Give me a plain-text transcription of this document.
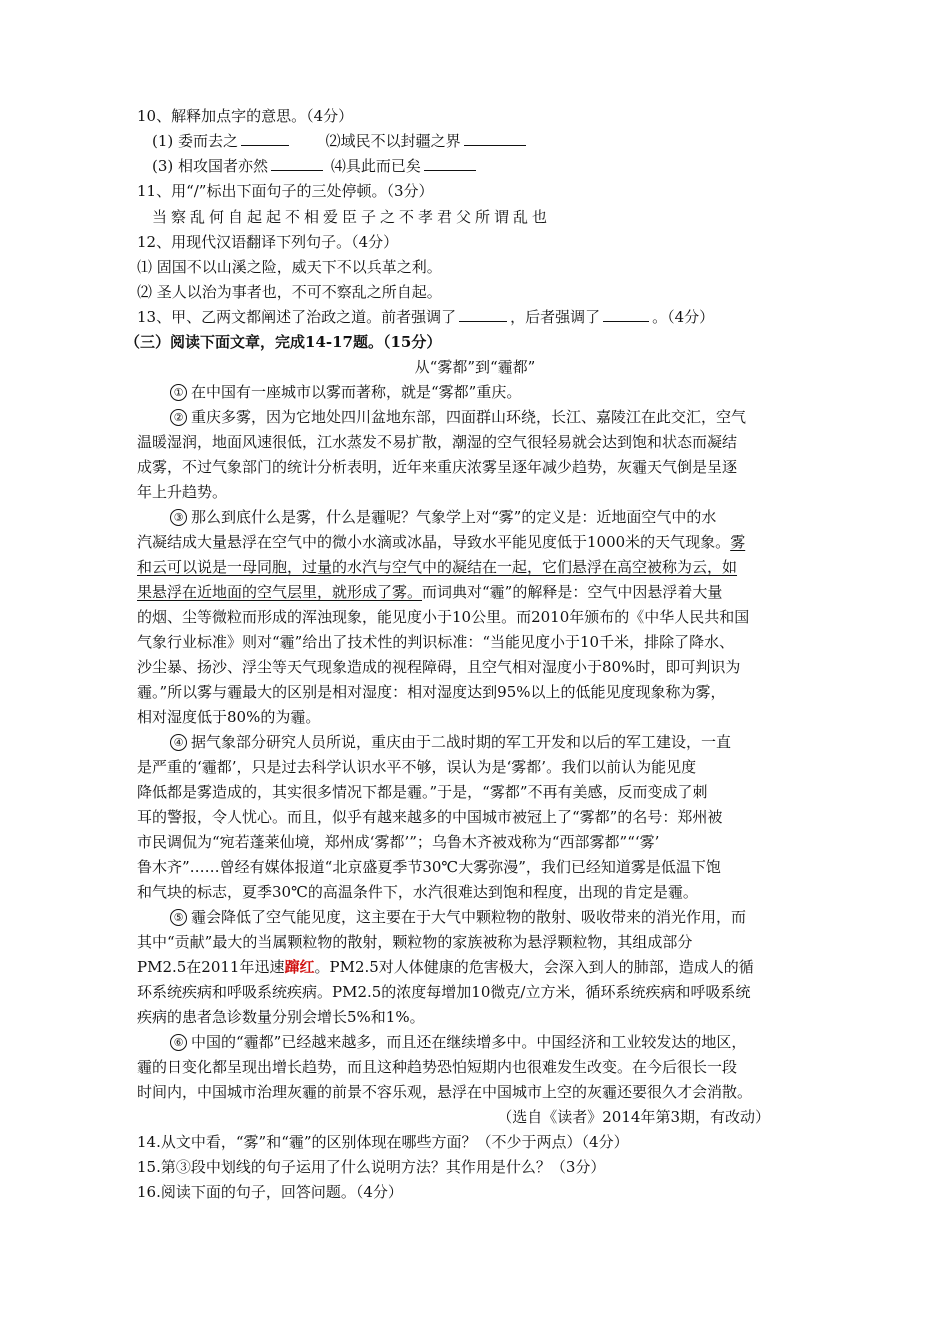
10、解释加点字的意思。（4分）
(1) 委而去之	⑵域民不以封疆之界
(3) 相攻国者亦然	⑷具此而已矣
11、用“/”标出下面句子的三处停顿。（3分）
当察乱何自起起不相爱臣子之不孝君父所谓乱也
12、用现代汉语翻译下列句子。（4分）
⑴ 固国不以山溪之险，威天下不以兵革之利。
⑵ 圣人以治为事者也，不可不察乱之所自起。
13、甲、乙两文都阐述了治政之道。前者强调了	，后者强调了	。（4分）
（三）阅读下面文章，完成14-17题。（15分）
从“雾都”到“霾都”
① 在中国有一座城市以雾而著称，就是“雾都”重庆。
② 重庆多雾，因为它地处四川盆地东部，四面群山环绕，长江、嘉陵江在此交汇，空气
温暖湿润，地面风速很低，江水蒸发不易扩散，潮湿的空气很轻易就会达到饱和状态而凝结
成雾，不过气象部门的统计分析表明，近年来重庆浓雾呈逐年减少趋势，灰霾天气倒是呈逐
年上升趋势。
③ 那么到底什么是雾，什么是霾呢？气象学上对“雾”的定义是：近地面空气中的水
汽凝结成大量悬浮在空气中的微小水滴或冰晶，导致水平能见度低于1000米的天气现象。雾
和云可以说是一母同胞，过量的水汽与空气中的凝结在一起，它们悬浮在高空被称为云，如
果悬浮在近地面的空气层里，就形成了雾。而词典对“霾”的解释是：空气中因悬浮着大量
的烟、尘等微粒而形成的浑浊现象，能见度小于10公里。而2010年颁布的《中华人民共和国
气象行业标准》则对“霾”给出了技术性的判识标准：“当能见度小于10千米，排除了降水、
沙尘暴、扬沙、浮尘等天气现象造成的视程障碍，且空气相对湿度小于80%时，即可判识为
霾。”所以雾与霾最大的区别是相对湿度：相对湿度达到95%以上的低能见度现象称为雾，
相对湿度低于80%的为霾。
④ 据气象部分研究人员所说，重庆由于二战时期的军工开发和以后的军工建设，一直
是严重的‘霾都’，只是过去科学认识水平不够，误认为是‘雾都’。我们以前认为能见度
降低都是雾造成的，其实很多情况下都是霾。”于是，“雾都”不再有美感，反而变成了刺
耳的警报，令人忧心。而且，似乎有越来越多的中国城市被冠上了“雾都”的名号：郑州被
市民调侃为“宛若蓬莱仙境，郑州成‘雾都’”；乌鲁木齐被戏称为“西部雾都”“‘雾’
鲁木齐”……曾经有媒体报道“北京盛夏季节30℃大雾弥漫”，我们已经知道雾是低温下饱
和气块的标志，夏季30℃的高温条件下，水汽很难达到饱和程度，出现的肯定是霾。
⑤ 霾会降低了空气能见度，这主要在于大气中颗粒物的散射、吸收带来的消光作用，而
其中“贡献”最大的当属颗粒物的散射，颗粒物的家族被称为悬浮颗粒物，其组成部分
PM2.5在2011年迅速蹿红。PM2.5对人体健康的危害极大，会深入到人的肺部，造成人的循
环系统疾病和呼吸系统疾病。PM2.5的浓度每增加10微克/立方米，循环系统疾病和呼吸系统
疾病的患者急诊数量分别会增长5%和1%。
⑥ 中国的“霾都”已经越来越多，而且还在继续增多中。中国经济和工业较发达的地区，
霾的日变化都呈现出增长趋势，而且这种趋势恐怕短期内也很难发生改变。在今后很长一段
时间内，中国城市治理灰霾的前景不容乐观，悬浮在中国城市上空的灰霾还要很久才会消散。
（选自《读者》2014年第3期，有改动）
14.从文中看，“雾”和“霾”的区别体现在哪些方面？（不少于两点）（4分）
15.第③段中划线的句子运用了什么说明方法？其作用是什么？（3分）
16.阅读下面的句子，回答问题。（4分）
